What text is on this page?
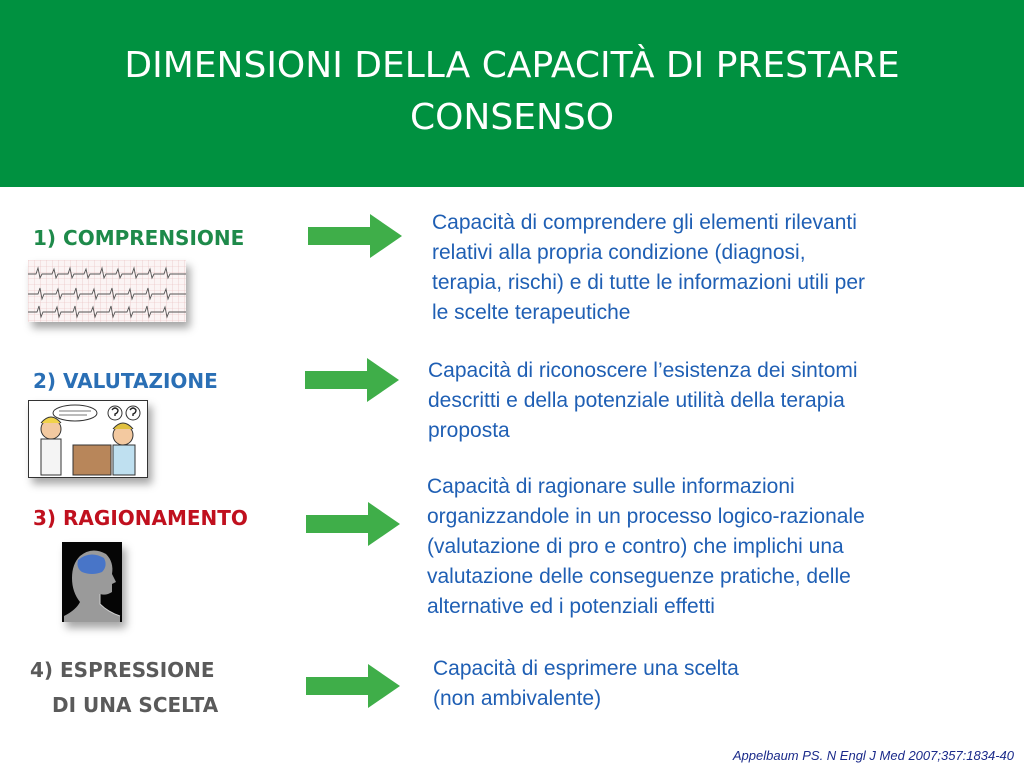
DIMENSIONI DELLA CAPACITÀ DI PRESTARE
CONSENSO
1) COMPRENSIONE
Capacità di comprendere gli elementi rilevanti
relativi alla propria condizione (diagnosi,
terapia, rischi) e di tutte le informazioni utili per
le scelte terapeutiche
2) VALUTAZIONE	Capacità di riconoscere l’esistenza dei sintomi
descritti e della potenziale utilità della terapia
proposta
3) RAGIONAMENTO
Capacità di ragionare sulle informazioni
organizzandole in un processo logico-razionale
(valutazione di pro e contro) che implichi una
valutazione delle conseguenze pratiche, delle
alternative ed i potenziali effetti
4) ESPRESSIONE
DI UNA SCELTA
Capacità di esprimere una scelta
(non ambivalente)
Appelbaum PS. N Engl J Med 2007;357:1834-40
